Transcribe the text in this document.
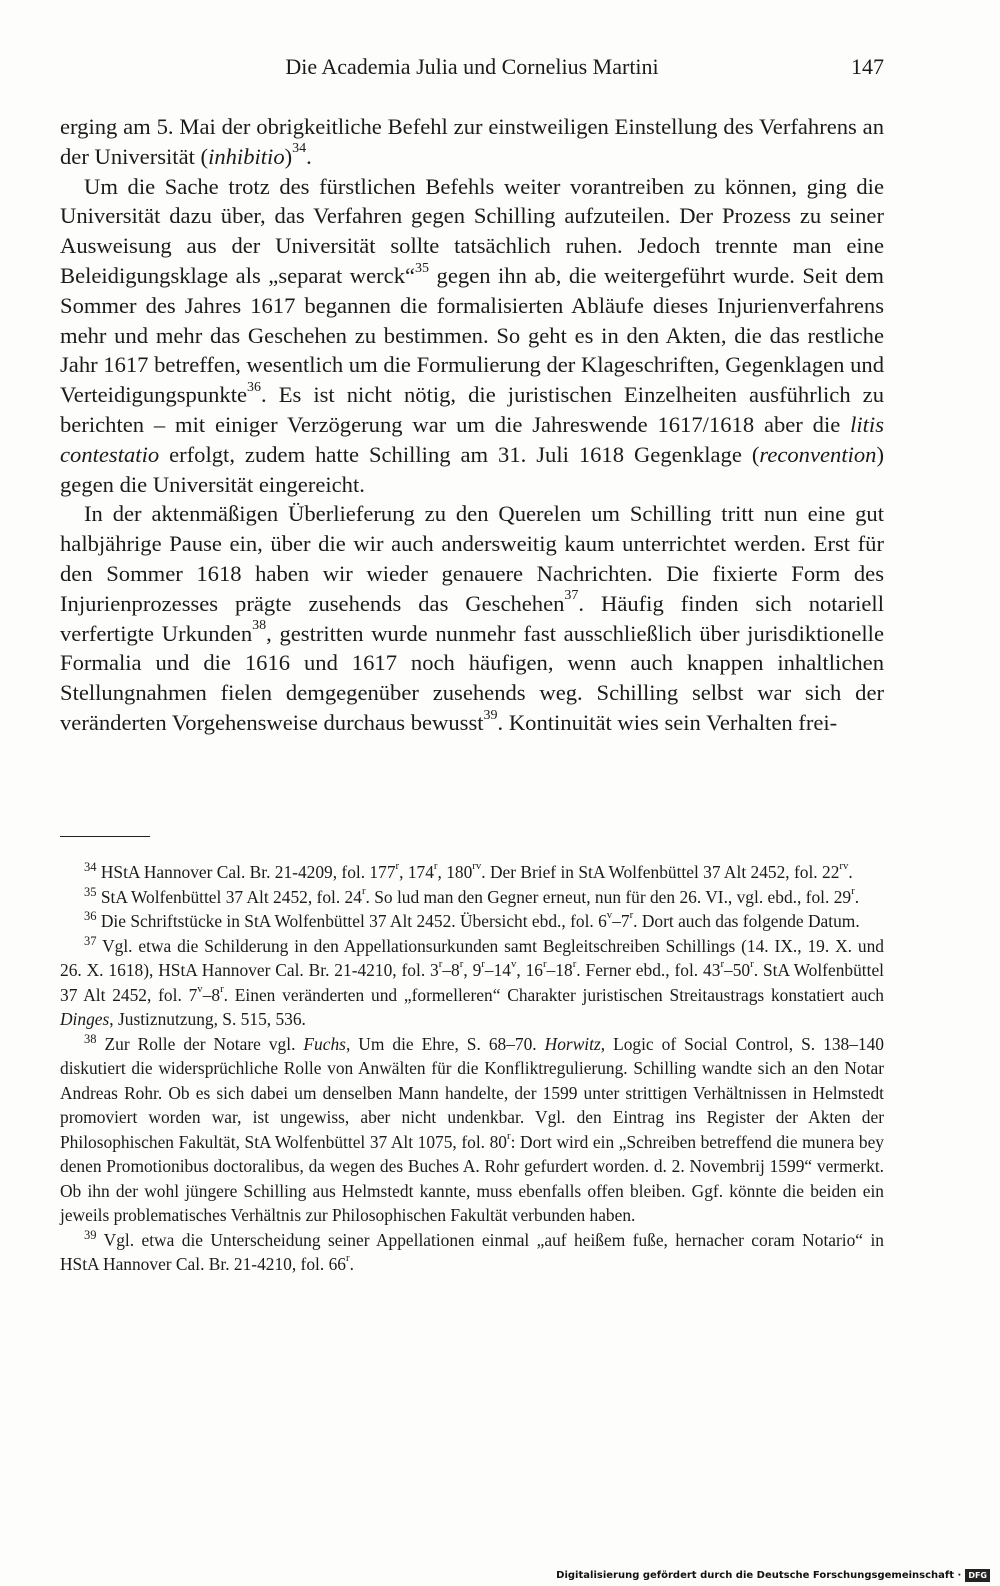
Die Academia Julia und Cornelius Martini	147

erging am 5. Mai der obrigkeitliche Befehl zur einstweiligen Einstellung des Verfahrens an der Universität (inhibitio)$^{34}$.

Um die Sache trotz des fürstlichen Befehls weiter vorantreiben zu können, ging die Universität dazu über, das Verfahren gegen Schilling aufzuteilen. Der Prozess zu seiner Ausweisung aus der Universität sollte tatsächlich ruhen. Jedoch trennte man eine Beleidigungsklage als „separat werck“$^{35}$ gegen ihn ab, die weitergeführt wurde. Seit dem Sommer des Jahres 1617 begannen die formalisierten Abläufe dieses Injurienverfahrens mehr und mehr das Geschehen zu bestimmen. So geht es in den Akten, die das restliche Jahr 1617 betreffen, wesentlich um die Formulierung der Klageschriften, Gegenklagen und Verteidigungspunkte$^{36}$. Es ist nicht nötig, die juristischen Einzelheiten ausführlich zu berichten – mit einiger Verzögerung war um die Jahreswende 1617/1618 aber die litis contestatio erfolgt, zudem hatte Schilling am 31. Juli 1618 Gegenklage (reconvention) gegen die Universität eingereicht.

In der aktenmäßigen Überlieferung zu den Querelen um Schilling tritt nun eine gut halbjährige Pause ein, über die wir auch andersweitig kaum unterrichtet werden. Erst für den Sommer 1618 haben wir wieder genauere Nachrichten. Die fixierte Form des Injurienprozesses prägte zusehends das Geschehen$^{37}$. Häufig finden sich notariell verfertigte Urkunden$^{38}$, gestritten wurde nunmehr fast ausschließlich über jurisdiktionelle Formalia und die 1616 und 1617 noch häufigen, wenn auch knappen inhaltlichen Stellungnahmen fielen demgegenüber zusehends weg. Schilling selbst war sich der veränderten Vorgehensweise durchaus bewusst$^{39}$. Kontinuität wies sein Verhalten frei-

$^{34}$ HStA Hannover Cal. Br. 21-4209, fol. 177$^r$, 174$^r$, $180^{rv}$. Der Brief in StA Wolfenbüttel 37 Alt 2452, fol. $22^{rv}$.

$^{35}$ StA Wolfenbüttel 37 Alt 2452, fol. 24$^r$. So lud man den Gegner erneut, nun für den 26. VI., vgl. ebd., fol. 29$^r$.

$^{36}$ Die Schriftstücke in StA Wolfenbüttel 37 Alt 2452. Übersicht ebd., fol. 6$^v$–7$^r$. Dort auch das folgende Datum.

$^{37}$ Vgl. etwa die Schilderung in den Appellationsurkunden samt Begleitschreiben Schillings (14. IX., 19. X. und 26. X. 1618), HStA Hannover Cal. Br. 21-4210, fol. 3$^r$–8$^r$, 9$^r$–14$^v$, 16$^r$–18$^r$. Ferner ebd., fol. 43$^r$–50$^r$. StA Wolfenbüttel 37 Alt 2452, fol. 7$^v$–8$^r$. Einen veränderten und „formelleren“ Charakter juristischen Streitaustrags konstatiert auch Dinges, Justiznutzung, S. 515, 536.

$^{38}$ Zur Rolle der Notare vgl. Fuchs, Um die Ehre, S. 68–70. Horwitz, Logic of Social Control, S. 138–140 diskutiert die widersprüchliche Rolle von Anwälten für die Konfliktregulierung. Schilling wandte sich an den Notar Andreas Rohr. Ob es sich dabei um denselben Mann handelte, der 1599 unter strittigen Verhältnissen in Helmstedt promoviert worden war, ist ungewiss, aber nicht undenkbar. Vgl. den Eintrag ins Register der Akten der Philosophischen Fakultät, StA Wolfenbüttel 37 Alt 1075, fol. 80$^r$: Dort wird ein „Schreiben betreffend die munera bey denen Promotionibus doctoralibus, da wegen des Buches A. Rohr gefurdert worden. d. 2. Novembrij 1599“ vermerkt. Ob ihn der wohl jüngere Schilling aus Helmstedt kannte, muss ebenfalls offen bleiben. Ggf. könnte die beiden ein jeweils problematisches Verhältnis zur Philosophischen Fakultät verbunden haben.

$^{39}$ Vgl. etwa die Unterscheidung seiner Appellationen einmal „auf heißem fuße, hernacher coram Notario“ in HStA Hannover Cal. Br. 21-4210, fol. 66$^r$.

Digitalisierung gefördert durch die Deutsche Forschungsgemeinschaft · DFG
